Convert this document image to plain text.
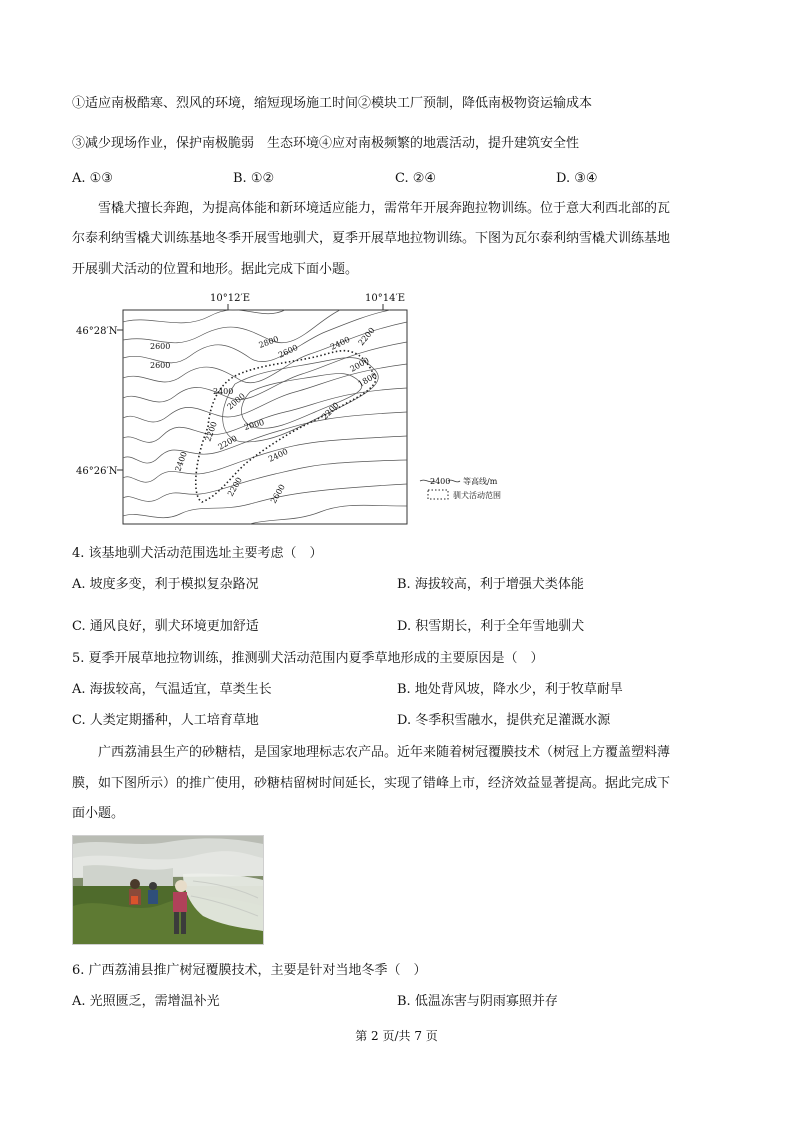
①适应南极酷寒、烈风的环境，缩短现场施工时间②模块工厂预制，降低南极物资运输成本
③减少现场作业，保护南极脆弱　生态环境④应对南极频繁的地震活动，提升建筑安全性
A. ①③	B. ①②	C. ②④	D. ③④
雪橇犬擅长奔跑，为提高体能和新环境适应能力，需常年开展奔跑拉物训练。位于意大利西北部的瓦
尔泰利纳雪橇犬训练基地冬季开展雪地驯犬，夏季开展草地拉物训练。下图为瓦尔泰利纳雪橇犬训练基地
开展驯犬活动的位置和地形。据此完成下面小题。
10°12′E	10°14′E
46°28′N
46°26′N
2600	2800
2600
2600
2400 2200
2000
1800
2400
2200
2000
2000
2200
2400
2200
2400
2200
2600
2400 等高线/m
驯犬活动范围
4. 该基地驯犬活动范围选址主要考虑（　）
A. 坡度多变，利于模拟复杂路况	B. 海拔较高，利于增强犬类体能
C. 通风良好，驯犬环境更加舒适	D. 积雪期长，利于全年雪地驯犬
5. 夏季开展草地拉物训练，推测驯犬活动范围内夏季草地形成的主要原因是（　）
A. 海拔较高，气温适宜，草类生长	B. 地处背风坡，降水少，利于牧草耐旱
C. 人类定期播种，人工培育草地	D. 冬季积雪融水，提供充足灌溉水源
广西荔浦县生产的砂糖桔，是国家地理标志农产品。近年来随着树冠覆膜技术（树冠上方覆盖塑料薄
膜，如下图所示）的推广使用，砂糖桔留树时间延长，实现了错峰上市，经济效益显著提高。据此完成下
面小题。
6. 广西荔浦县推广树冠覆膜技术，主要是针对当地冬季（　）
A. 光照匮乏，需增温补光	B. 低温冻害与阴雨寡照并存
第 2 页/共 7 页
